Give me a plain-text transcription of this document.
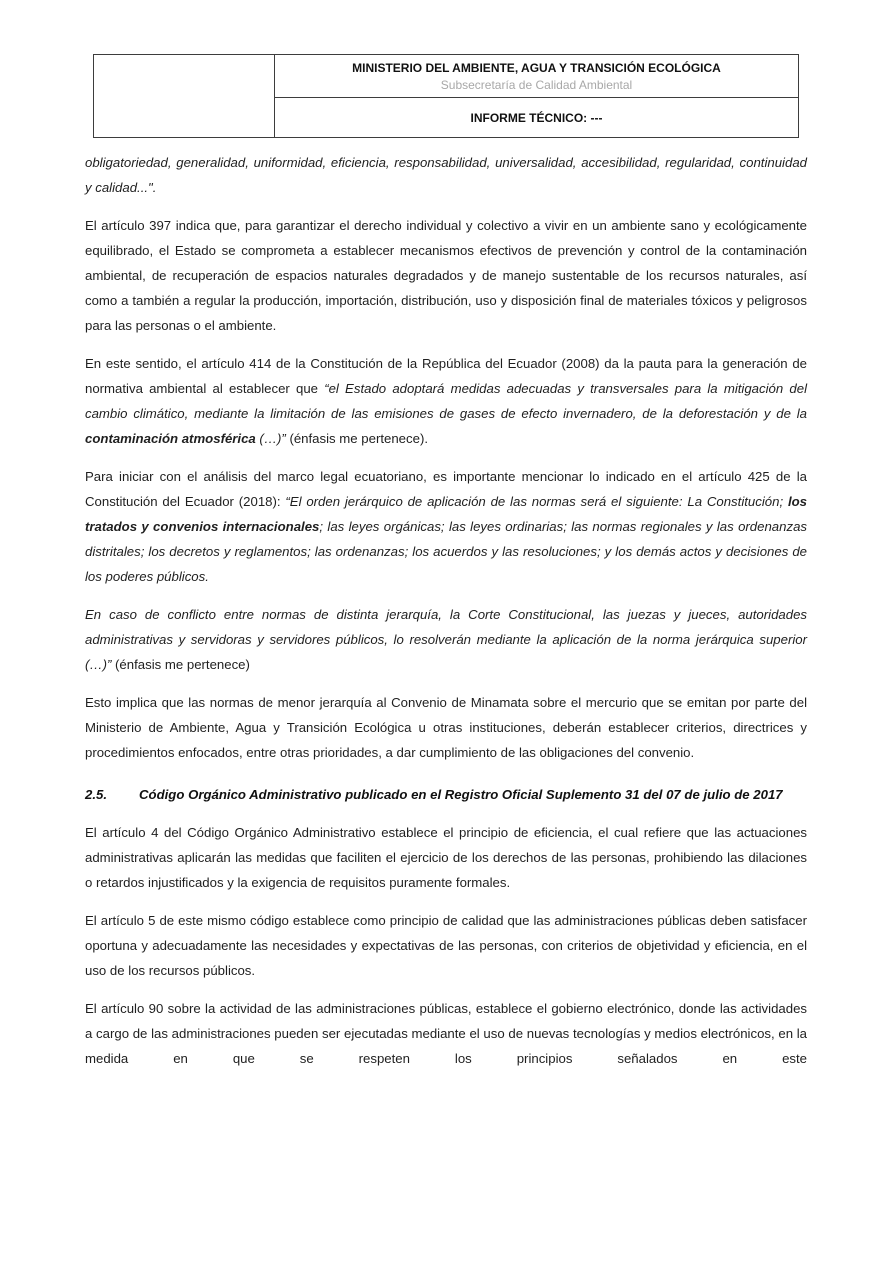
MINISTERIO DEL AMBIENTE, AGUA Y TRANSICIÓN ECOLÓGICA
Subsecretaría de Calidad Ambiental
INFORME TÉCNICO: ---

obligatoriedad, generalidad, uniformidad, eficiencia, responsabilidad, universalidad, accesibilidad, regularidad, continuidad y calidad...".

El artículo 397 indica que, para garantizar el derecho individual y colectivo a vivir en un ambiente sano y ecológicamente equilibrado, el Estado se comprometa a establecer mecanismos efectivos de prevención y control de la contaminación ambiental, de recuperación de espacios naturales degradados y de manejo sustentable de los recursos naturales, así como a también a regular la producción, importación, distribución, uso y disposición final de materiales tóxicos y peligrosos para las personas o el ambiente.

En este sentido, el artículo 414 de la Constitución de la República del Ecuador (2008) da la pauta para la generación de normativa ambiental al establecer que “el Estado adoptará medidas adecuadas y transversales para la mitigación del cambio climático, mediante la limitación de las emisiones de gases de efecto invernadero, de la deforestación y de la contaminación atmosférica (…)” (énfasis me pertenece).

Para iniciar con el análisis del marco legal ecuatoriano, es importante mencionar lo indicado en el artículo 425 de la Constitución del Ecuador (2018): “El orden jerárquico de aplicación de las normas será el siguiente: La Constitución; los tratados y convenios internacionales; las leyes orgánicas; las leyes ordinarias; las normas regionales y las ordenanzas distritales; los decretos y reglamentos; las ordenanzas; los acuerdos y las resoluciones; y los demás actos y decisiones de los poderes públicos.

En caso de conflicto entre normas de distinta jerarquía, la Corte Constitucional, las juezas y jueces, autoridades administrativas y servidoras y servidores públicos, lo resolverán mediante la aplicación de la norma jerárquica superior (…)” (énfasis me pertenece)

Esto implica que las normas de menor jerarquía al Convenio de Minamata sobre el mercurio que se emitan por parte del Ministerio de Ambiente, Agua y Transición Ecológica u otras instituciones, deberán establecer criterios, directrices y procedimientos enfocados, entre otras prioridades, a dar cumplimiento de las obligaciones del convenio.

2.5. Código Orgánico Administrativo publicado en el Registro Oficial Suplemento 31 del 07 de julio de 2017

El artículo 4 del Código Orgánico Administrativo establece el principio de eficiencia, el cual refiere que las actuaciones administrativas aplicarán las medidas que faciliten el ejercicio de los derechos de las personas, prohibiendo las dilaciones o retardos injustificados y la exigencia de requisitos puramente formales.

El artículo 5 de este mismo código establece como principio de calidad que las administraciones públicas deben satisfacer oportuna y adecuadamente las necesidades y expectativas de las personas, con criterios de objetividad y eficiencia, en el uso de los recursos públicos.

El artículo 90 sobre la actividad de las administraciones públicas, establece el gobierno electrónico, donde las actividades a cargo de las administraciones pueden ser ejecutadas mediante el uso de nuevas tecnologías y medios electrónicos, en la medida en que se respeten los principios señalados en este
